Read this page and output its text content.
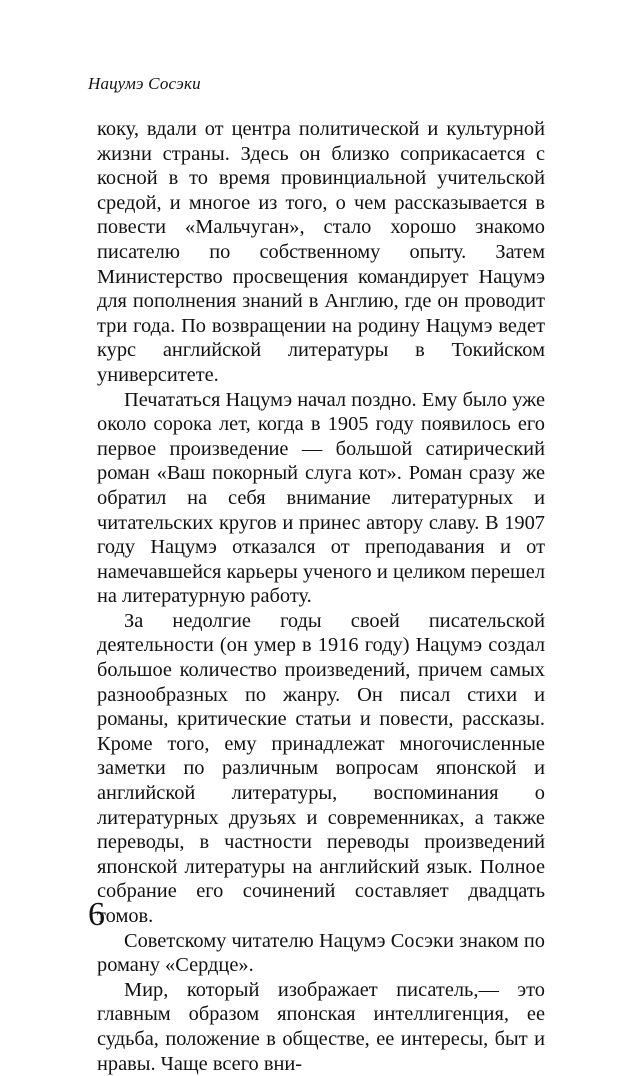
Нацумэ Сосэки

коку, вдали от центра политической и культурной жизни страны. Здесь он близко соприкасается с косной в то время провинциальной учительской средой, и многое из того, о чем рассказывается в повести «Мальчуган», стало хорошо знакомо писателю по собственному опыту. Затем Министерство просвещения командирует Нацумэ для пополнения знаний в Англию, где он проводит три года. По возвращении на родину Нацумэ ведет курс английской литературы в Токийском университете.

Печататься Нацумэ начал поздно. Ему было уже около сорока лет, когда в 1905 году появилось его первое произведение — большой сатирический роман «Ваш покорный слуга кот». Роман сразу же обратил на себя внимание литературных и читательских кругов и принес автору славу. В 1907 году Нацумэ отказался от преподавания и от намечавшейся карьеры ученого и целиком перешел на литературную работу.

За недолгие годы своей писательской деятельности (он умер в 1916 году) Нацумэ создал большое количество произведений, причем самых разнообразных по жанру. Он писал стихи и романы, критические статьи и повести, рассказы. Кроме того, ему принадлежат многочисленные заметки по различным вопросам японской и английской литературы, воспоминания о литературных друзьях и современниках, а также переводы, в частности переводы произведений японской литературы на английский язык. Полное собрание его сочинений составляет двадцать томов.

Советскому читателю Нацумэ Сосэки знаком по роману «Сердце».

Мир, который изображает писатель,— это главным образом японская интеллигенция, ее судьба, положение в обществе, ее интересы, быт и нравы. Чаще всего вни-

6
